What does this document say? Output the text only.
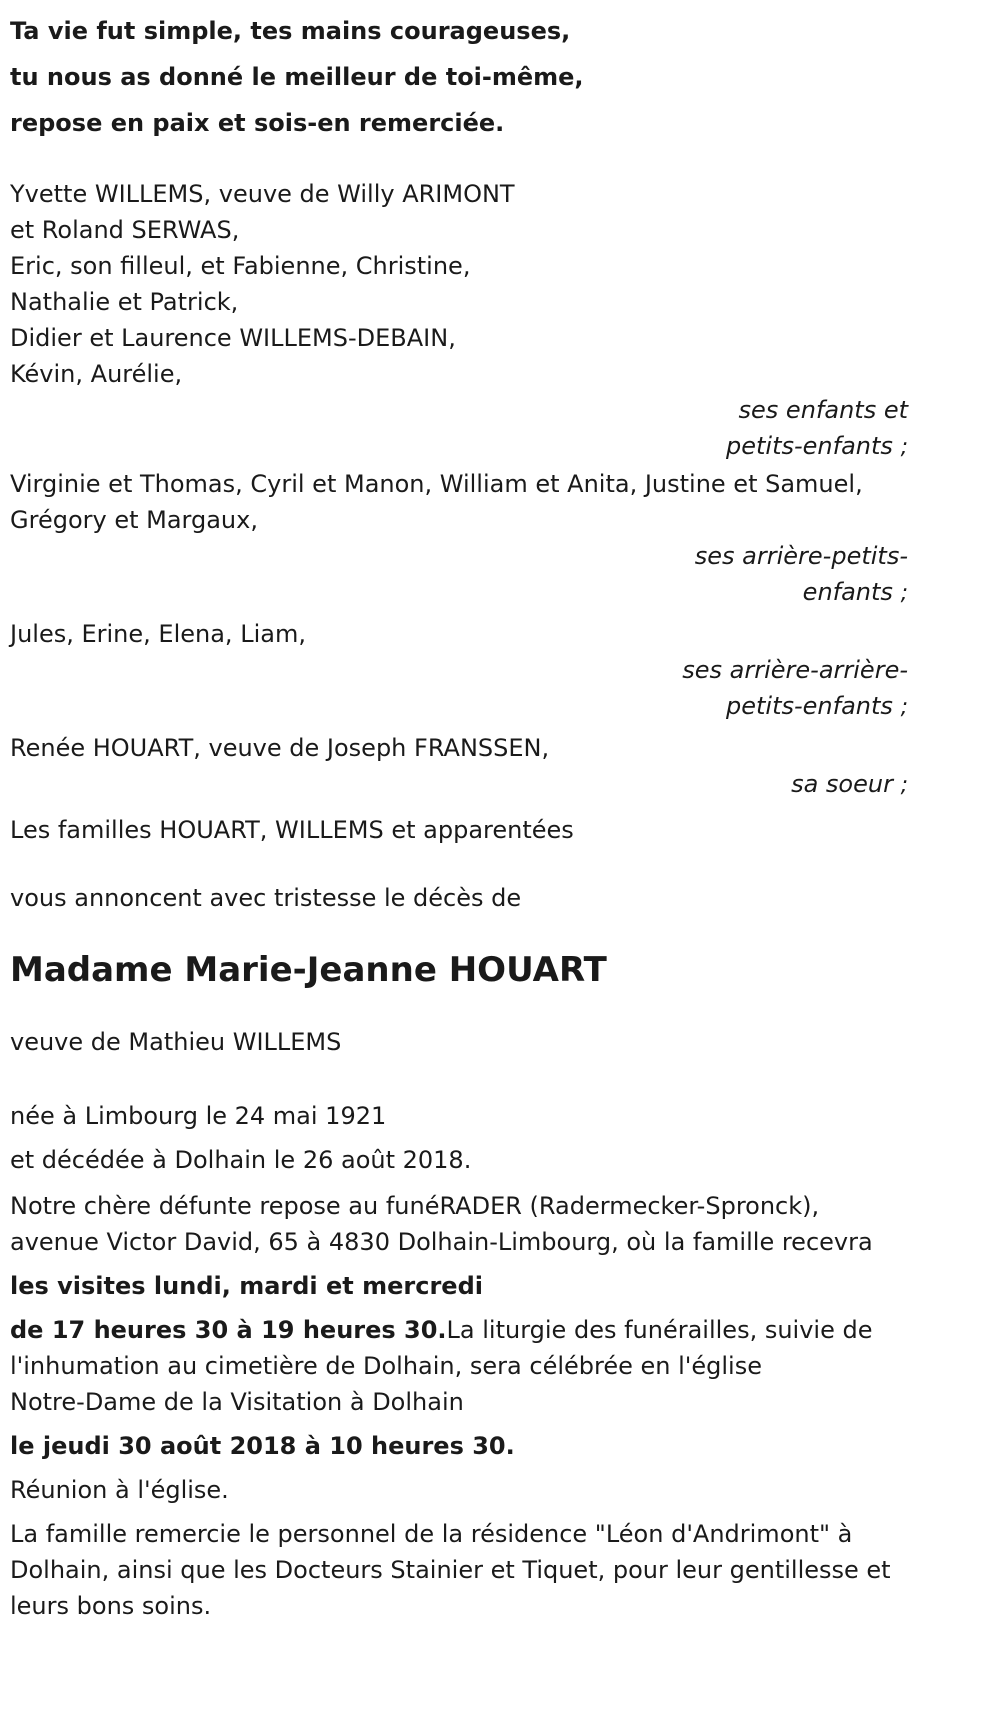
Ta vie fut simple, tes mains courageuses,
tu nous as donné le meilleur de toi-même,
repose en paix et sois-en remerciée.
Yvette WILLEMS, veuve de Willy ARIMONT
et Roland SERWAS,
Eric, son filleul, et Fabienne, Christine,
Nathalie et Patrick,
Didier et Laurence WILLEMS-DEBAIN,
Kévin, Aurélie,
ses enfants et
petits-enfants ;
Virginie et Thomas, Cyril et Manon, William et Anita, Justine et Samuel,
Grégory et Margaux,
ses arrière-petits-
enfants ;
Jules, Erine, Elena, Liam,
ses arrière-arrière-
petits-enfants ;
Renée HOUART, veuve de Joseph FRANSSEN,
sa soeur ;
Les familles HOUART, WILLEMS et apparentées
vous annoncent avec tristesse le décès de
Madame Marie-Jeanne HOUART
veuve de Mathieu WILLEMS
née à Limbourg le 24 mai 1921
et décédée à Dolhain le 26 août 2018.
Notre chère défunte repose au funéRADER (Radermecker-Spronck),
avenue Victor David, 65 à 4830 Dolhain-Limbourg, où la famille recevra
les visites lundi, mardi et mercredi
de 17 heures 30 à 19 heures 30.La liturgie des funérailles, suivie de
l'inhumation au cimetière de Dolhain, sera célébrée en l'église
Notre-Dame de la Visitation à Dolhain
le jeudi 30 août 2018 à 10 heures 30.
Réunion à l'église.
La famille remercie le personnel de la résidence "Léon d'Andrimont" à Dolhain, ainsi que les Docteurs Stainier et Tiquet, pour leur gentillesse et leurs bons soins.
